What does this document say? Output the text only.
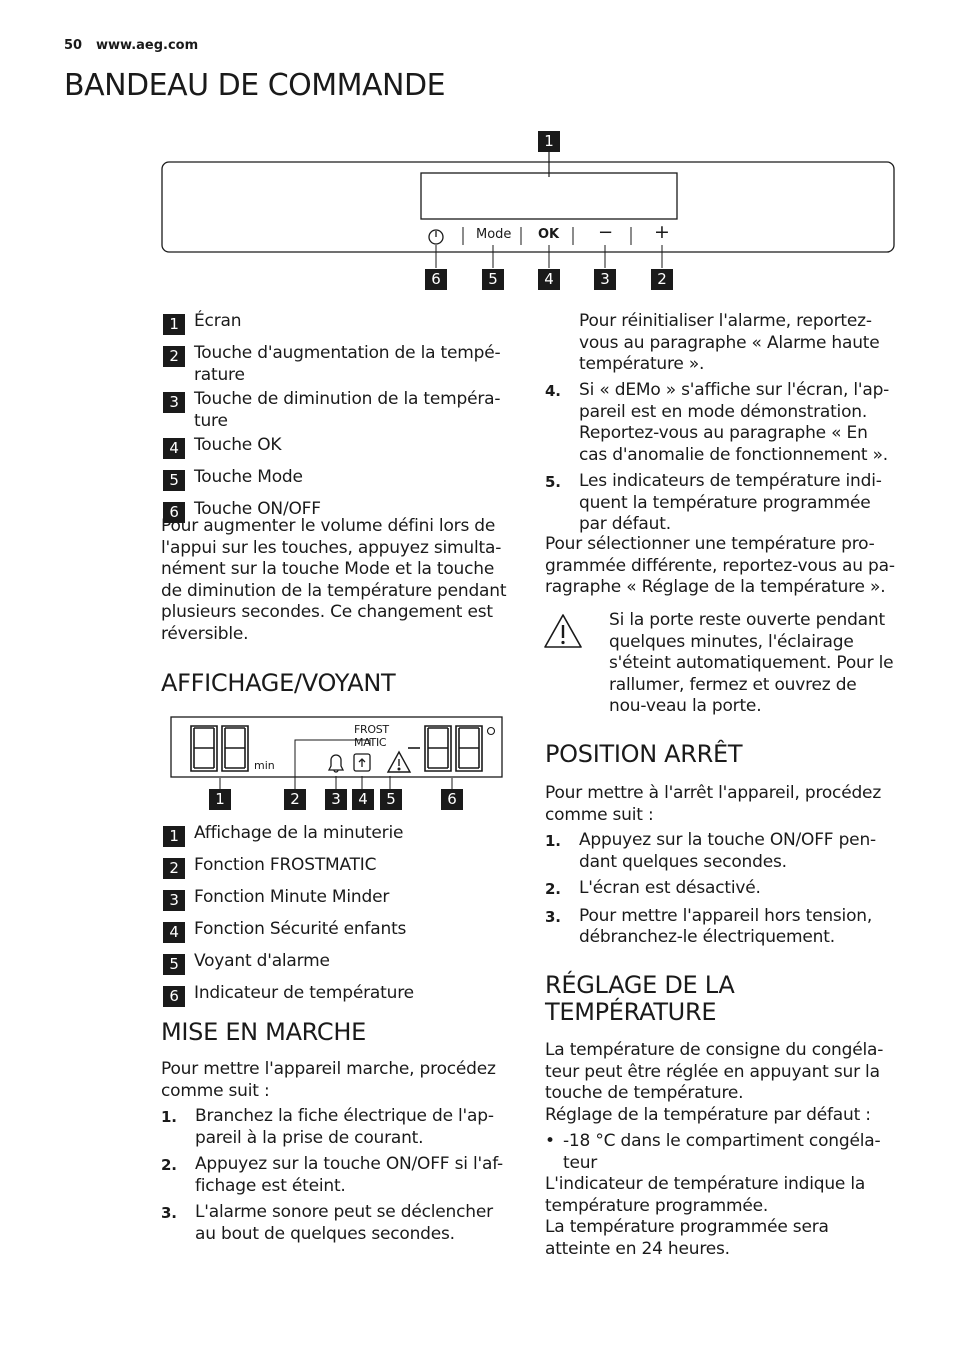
50 www.aeg.com
BANDEAU DE COMMANDE
Mode OK − +
1
6	5	4	3	2
1 Écran
2 Touche d'augmentation de la tempé-
rature
3 Touche de diminution de la tempéra-
ture
4 Touche OK
5 Touche Mode
6 Touche ON/OFF
Pour augmenter le volume défini lors de l'appui sur les touches, appuyez simulta-nément sur la touche Mode et la touche de diminution de la température pendant plusieurs secondes. Ce changement est réversible.
AFFICHAGE/VOYANT
min
FROST
MATIC
1	2	3	4	5	6
1 Affichage de la minuterie
2 Fonction FROSTMATIC
3 Fonction Minute Minder
4 Fonction Sécurité enfants
5 Voyant d'alarme
6 Indicateur de température
MISE EN MARCHE
Pour mettre l'appareil marche, procédez comme suit :
1.	Branchez la fiche électrique de l'ap-pareil à la prise de courant.
2.	Appuyez sur la touche ON/OFF si l'af-fichage est éteint.
3.	L'alarme sonore peut se déclencher au bout de quelques secondes.
Pour réinitialiser l'alarme, reportez-vous au paragraphe « Alarme haute température ».
4.	Si « dEMo » s'affiche sur l'écran, l'ap-pareil est en mode démonstration. Reportez-vous au paragraphe « En cas d'anomalie de fonctionnement ».
5.	Les indicateurs de température indi-quent la température programmée par défaut.
Pour sélectionner une température pro-grammée différente, reportez-vous au pa-ragraphe « Réglage de la température ».
Si la porte reste ouverte pendant quelques minutes, l'éclairage s'éteint automatiquement. Pour le rallumer, fermez et ouvrez de nou-veau la porte.
POSITION ARRÊT
Pour mettre à l'arrêt l'appareil, procédez comme suit :
1.	Appuyez sur la touche ON/OFF pen-dant quelques secondes.
2.	L'écran est désactivé.
3.	Pour mettre l'appareil hors tension, débranchez-le électriquement.
RÉGLAGE DE LA
TEMPÉRATURE
La température de consigne du congéla-teur peut être réglée en appuyant sur la touche de température.
Réglage de la température par défaut :
• -18 °C dans le compartiment congéla-teur
L'indicateur de température indique la température programmée.
La température programmée sera atteinte en 24 heures.
